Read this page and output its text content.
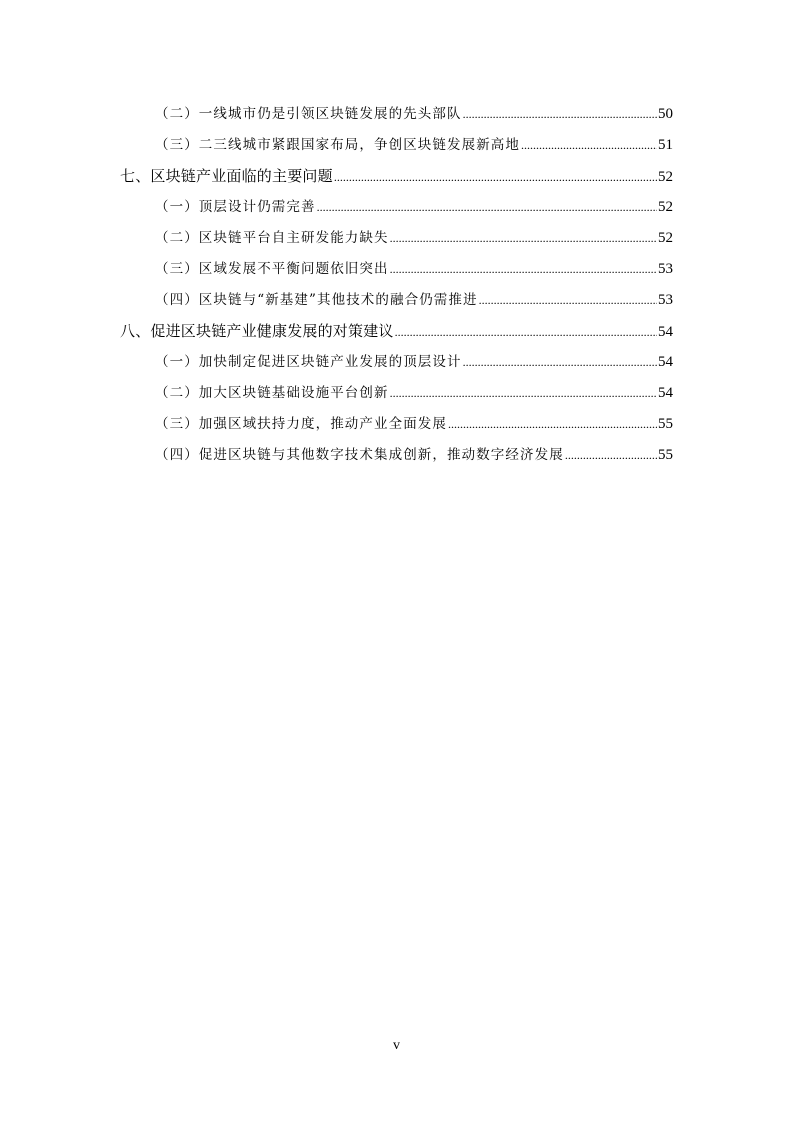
（二）一线城市仍是引领区块链发展的先头部队 .....	50
（三）二三线城市紧跟国家布局，争创区块链发展新高地 .....	51
七、区块链产业面临的主要问题 .....	52
（一）顶层设计仍需完善 .....	52
（二）区块链平台自主研发能力缺失 .....	52
（三）区域发展不平衡问题依旧突出 .....	53
（四）区块链与“新基建”其他技术的融合仍需推进 .....	53
八、促进区块链产业健康发展的对策建议 .....	54
（一）加快制定促进区块链产业发展的顶层设计 .....	54
（二）加大区块链基础设施平台创新 .....	54
（三）加强区域扶持力度，推动产业全面发展 .....	55
（四）促进区块链与其他数字技术集成创新，推动数字经济发展 .....	55
v
